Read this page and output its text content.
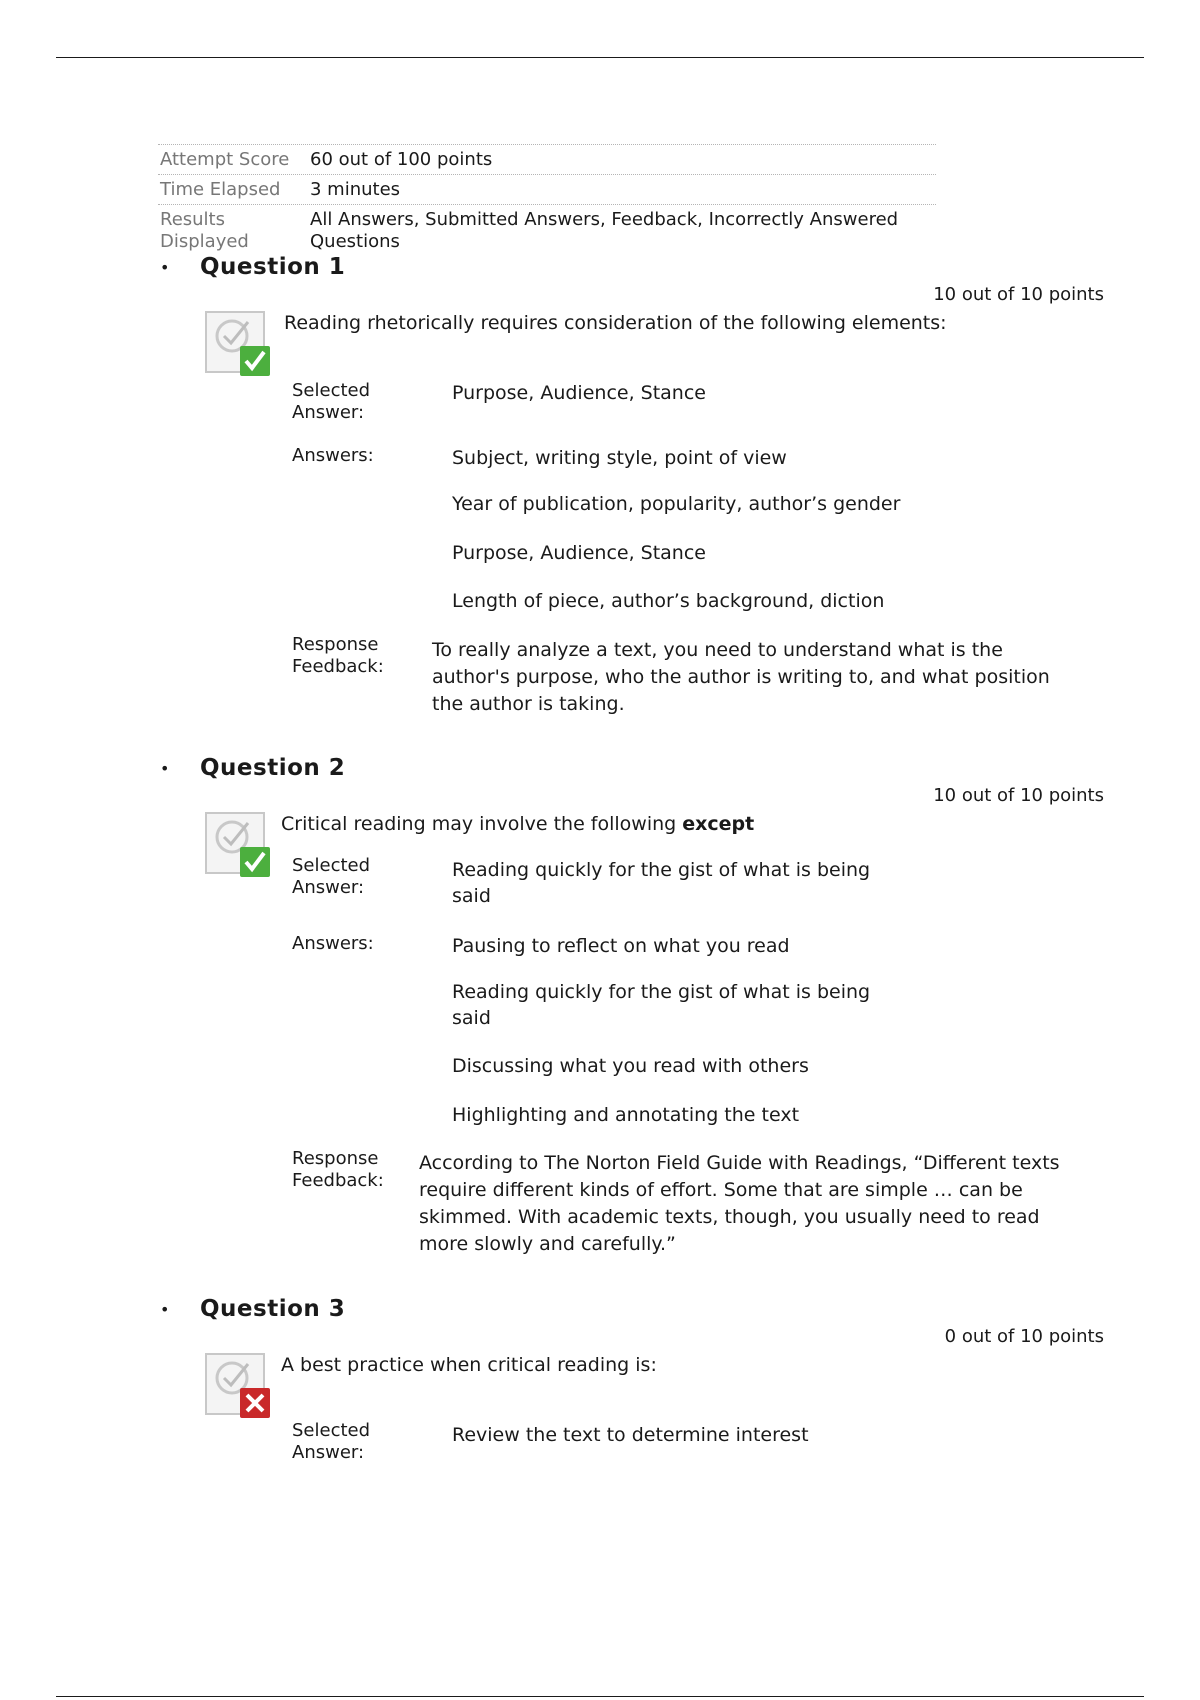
Attempt Score	60 out of 100 points
Time Elapsed	3 minutes
Results Displayed
All Answers, Submitted Answers, Feedback, Incorrectly Answered Questions
•	Question 1
10 out of 10 points
Reading rhetorically requires consideration of the following elements:
Selected Answer:
Purpose, Audience, Stance
Answers:	Subject, writing style, point of view
Year of publication, popularity, author’s gender
Purpose, Audience, Stance
Length of piece, author’s background, diction
Response Feedback:
To really analyze a text, you need to understand what is the author's purpose, who the author is writing to, and what position the author is taking.
•	Question 2
10 out of 10 points
Critical reading may involve the following except
Selected Answer:
Reading quickly for the gist of what is being said
Answers:	Pausing to reflect on what you read
Reading quickly for the gist of what is being said
Discussing what you read with others
Highlighting and annotating the text
Response Feedback:
According to The Norton Field Guide with Readings, “Different texts require different kinds of effort. Some that are simple … can be skimmed. With academic texts, though, you usually need to read more slowly and carefully.”
•	Question 3
0 out of 10 points
A best practice when critical reading is:
Selected Answer:
Review the text to determine interest
